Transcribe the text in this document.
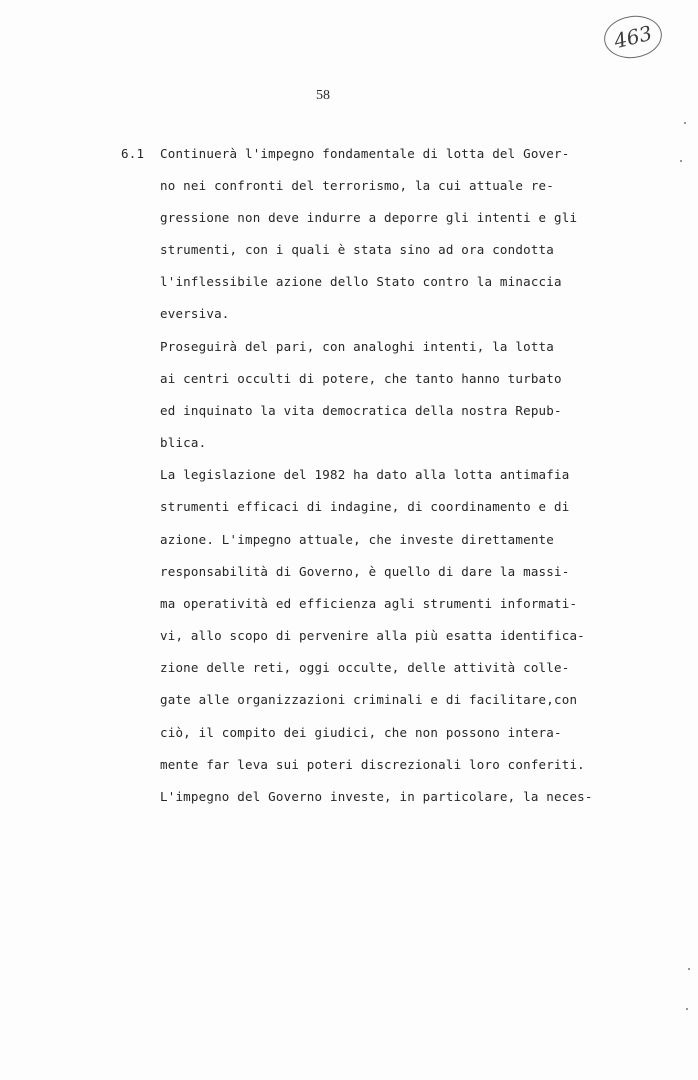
463
58
6.1 Continuerà l'impegno fondamentale di lotta del Gover-
no nei confronti del terrorismo, la cui attuale re-
gressione non deve indurre a deporre gli intenti e gli
strumenti, con i quali è stata sino ad ora condotta
l'inflessibile azione dello Stato contro la minaccia
eversiva.
Proseguirà del pari, con analoghi intenti, la lotta
ai centri occulti di potere, che tanto hanno turbato
ed inquinato la vita democratica della nostra Repub-
blica.
La legislazione del 1982 ha dato alla lotta antimafia
strumenti efficaci di indagine, di coordinamento e di
azione. L'impegno attuale, che investe direttamente
responsabilità di Governo, è quello di dare la massi-
ma operatività ed efficienza agli strumenti informati-
vi, allo scopo di pervenire alla più esatta identifica-
zione delle reti, oggi occulte, delle attività colle-
gate alle organizzazioni criminali e di facilitare,con
ciò, il compito dei giudici, che non possono intera-
mente far leva sui poteri discrezionali loro conferiti.
L'impegno del Governo investe, in particolare, la neces-
